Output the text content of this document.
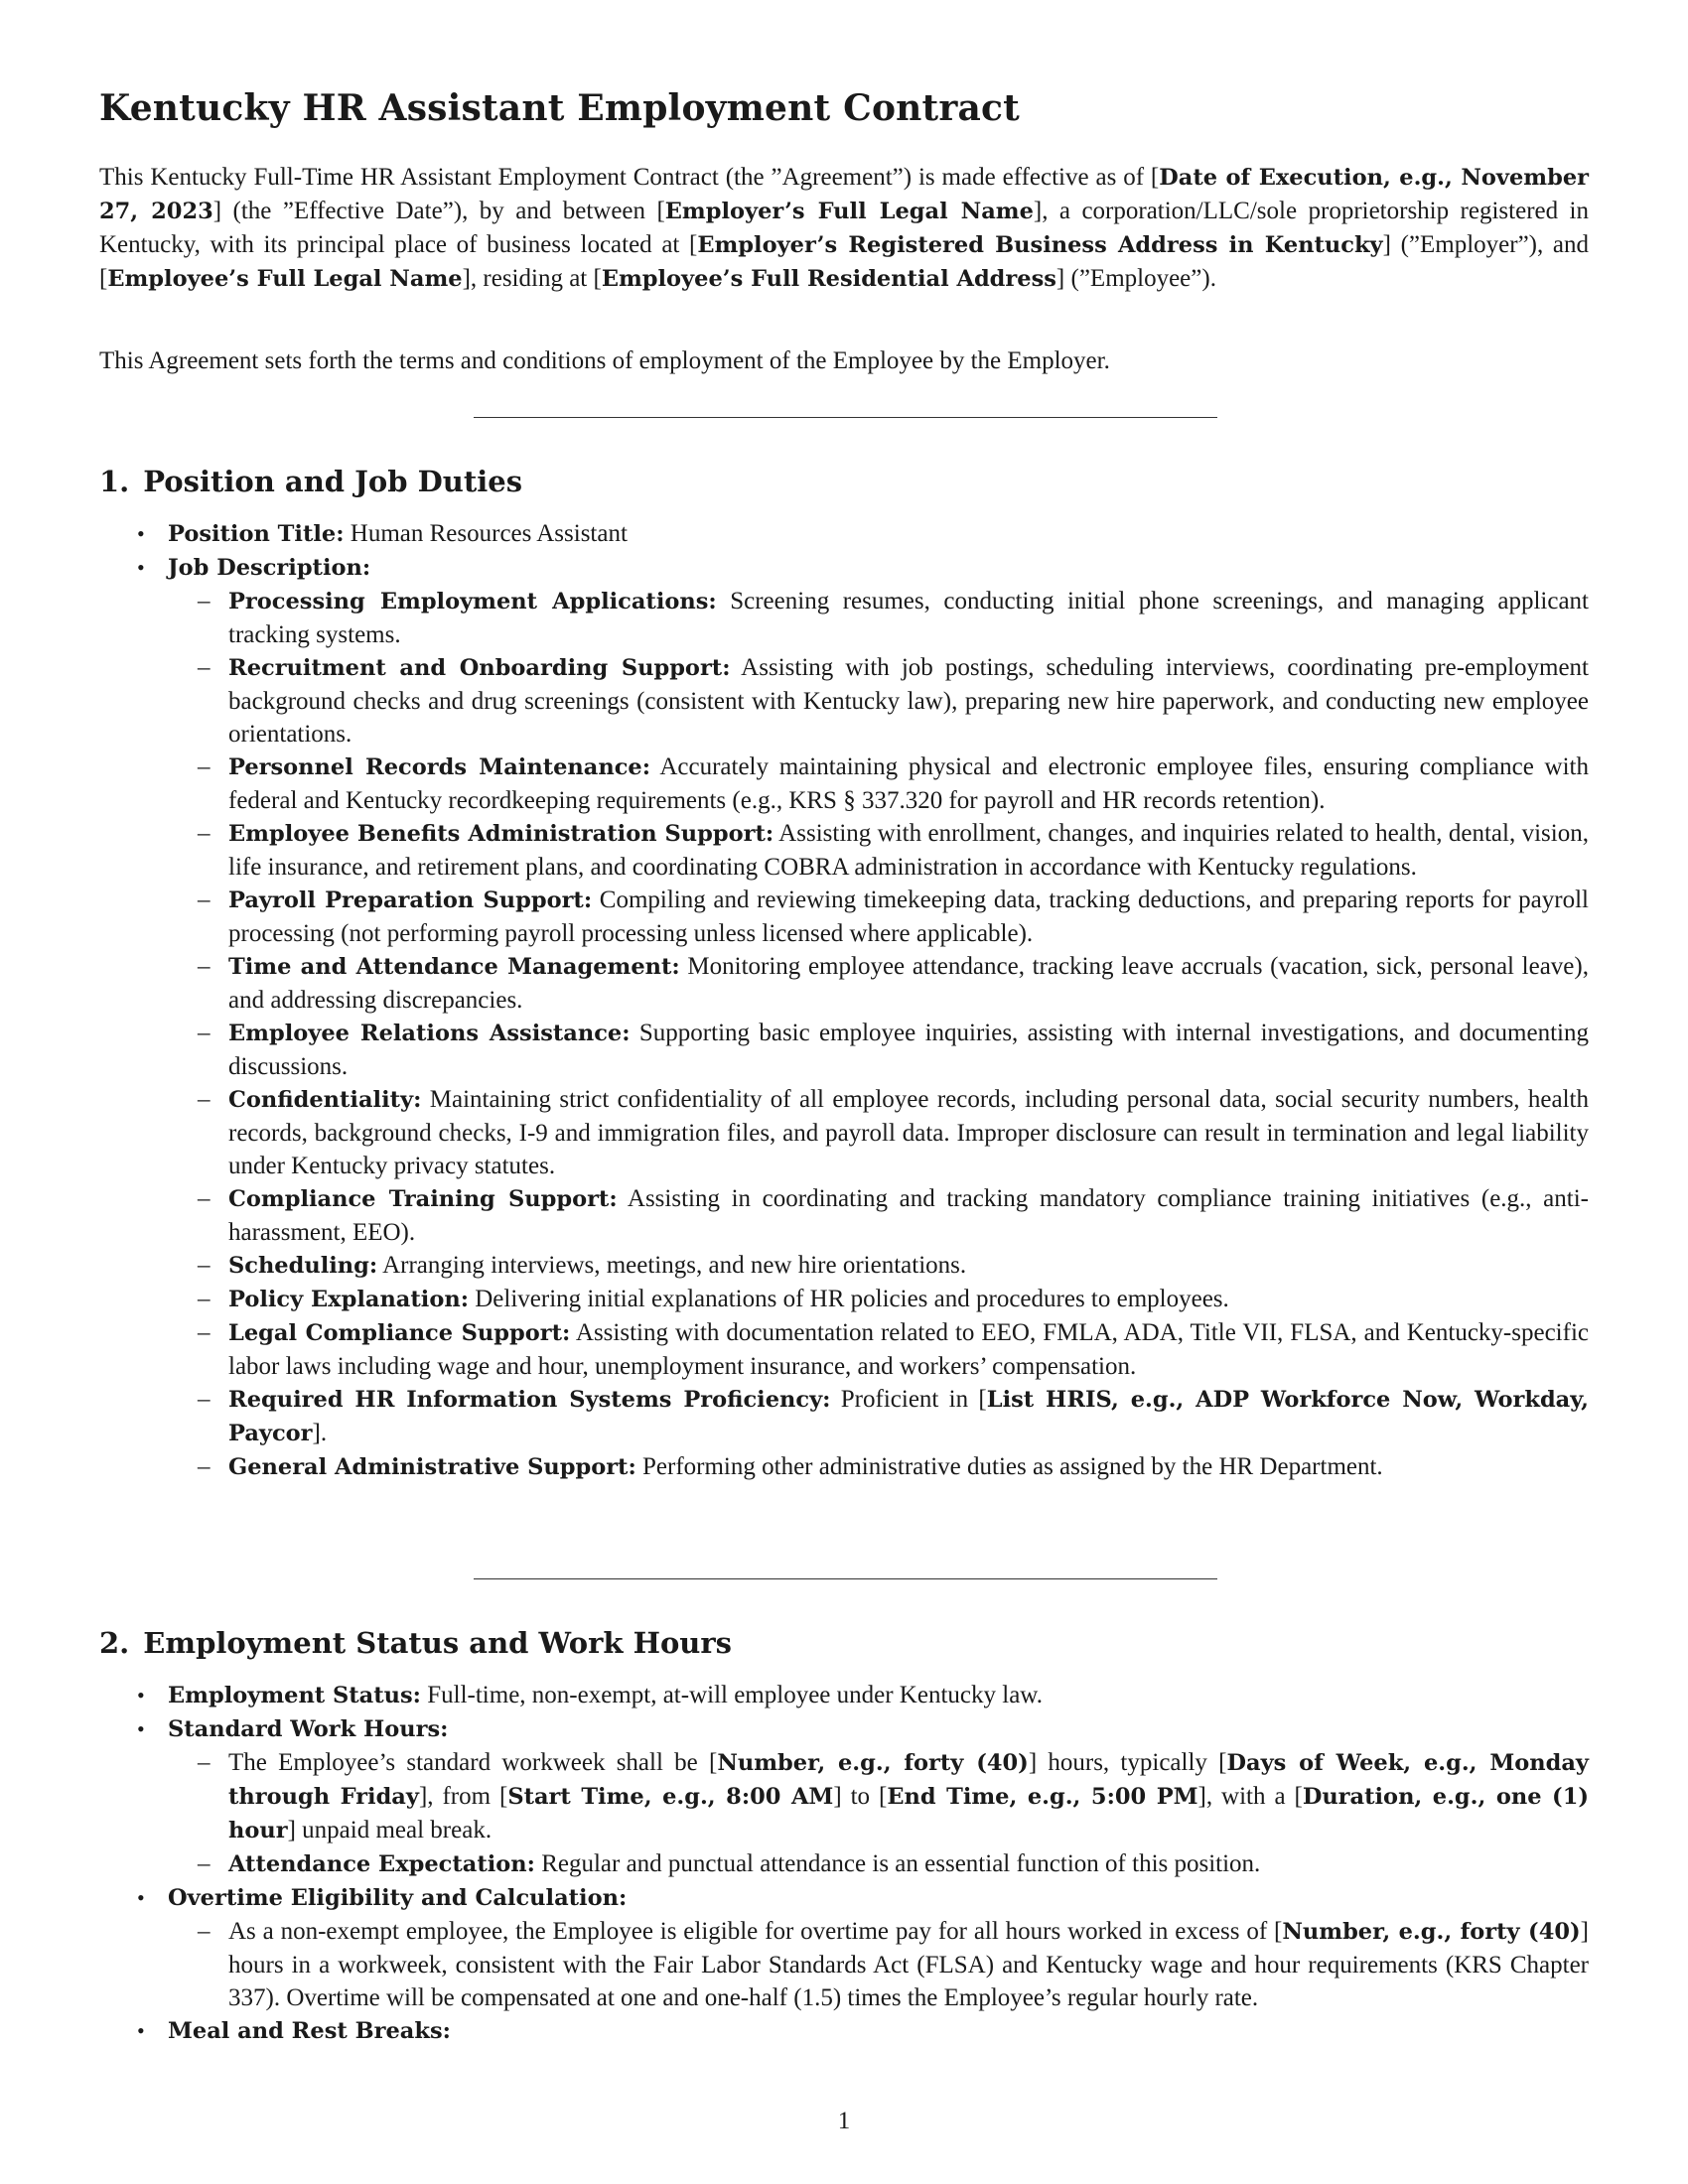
Kentucky HR Assistant Employment Contract

This Kentucky Full-Time HR Assistant Employment Contract (the ”Agreement”) is made effective as of [Date of Execution, e.g., November 27, 2023] (the ”Effective Date”), by and between [Employer’s Full Legal Name], a corporation/LLC/sole proprietorship registered in Kentucky, with its principal place of business located at [Employer’s Registered Business Address in Kentucky] (”Employer”), and [Employee’s Full Legal Name], residing at [Employee’s Full Residential Address] (”Employee”).

This Agreement sets forth the terms and conditions of employment of the Employee by the Employer.

1. Position and Job Duties
• Position Title: Human Resources Assistant
• Job Description:
– Processing Employment Applications: Screening resumes, conducting initial phone screenings, and managing applicant tracking systems.
– Recruitment and Onboarding Support: Assisting with job postings, scheduling interviews, coordinating pre-employment background checks and drug screenings (consistent with Kentucky law), preparing new hire paperwork, and conducting new employee orientations.
– Personnel Records Maintenance: Accurately maintaining physical and electronic employee files, ensuring compliance with federal and Kentucky recordkeeping requirements (e.g., KRS § 337.320 for payroll and HR records retention).
– Employee Benefits Administration Support: Assisting with enrollment, changes, and inquiries related to health, dental, vision, life insurance, and retirement plans, and coordinating COBRA administration in accordance with Kentucky regulations.
– Payroll Preparation Support: Compiling and reviewing timekeeping data, tracking deductions, and preparing reports for payroll processing (not performing payroll processing unless licensed where applicable).
– Time and Attendance Management: Monitoring employee attendance, tracking leave accruals (vacation, sick, personal leave), and addressing discrepancies.
– Employee Relations Assistance: Supporting basic employee inquiries, assisting with internal investigations, and documenting discussions.
– Confidentiality: Maintaining strict confidentiality of all employee records, including personal data, social security numbers, health records, background checks, I-9 and immigration files, and payroll data. Improper disclosure can result in termination and legal liability under Kentucky privacy statutes.
– Compliance Training Support: Assisting in coordinating and tracking mandatory compliance training initiatives (e.g., anti-harassment, EEO).
– Scheduling: Arranging interviews, meetings, and new hire orientations.
– Policy Explanation: Delivering initial explanations of HR policies and procedures to employees.
– Legal Compliance Support: Assisting with documentation related to EEO, FMLA, ADA, Title VII, FLSA, and Kentucky-specific labor laws including wage and hour, unemployment insurance, and workers’ compensation.
– Required HR Information Systems Proficiency: Proficient in [List HRIS, e.g., ADP Workforce Now, Workday, Paycor].
– General Administrative Support: Performing other administrative duties as assigned by the HR Department.
2. Employment Status and Work Hours
• Employment Status: Full-time, non-exempt, at-will employee under Kentucky law.
• Standard Work Hours:
– The Employee’s standard workweek shall be [Number, e.g., forty (40)] hours, typically [Days of Week, e.g., Monday through Friday], from [Start Time, e.g., 8:00 AM] to [End Time, e.g., 5:00 PM], with a [Duration, e.g., one (1) hour] unpaid meal break.
– Attendance Expectation: Regular and punctual attendance is an essential function of this position.
• Overtime Eligibility and Calculation:
– As a non-exempt employee, the Employee is eligible for overtime pay for all hours worked in excess of [Number, e.g., forty (40)] hours in a workweek, consistent with the Fair Labor Standards Act (FLSA) and Kentucky wage and hour requirements (KRS Chapter 337). Overtime will be compensated at one and one-half (1.5) times the Employee’s regular hourly rate.
• Meal and Rest Breaks:
1
